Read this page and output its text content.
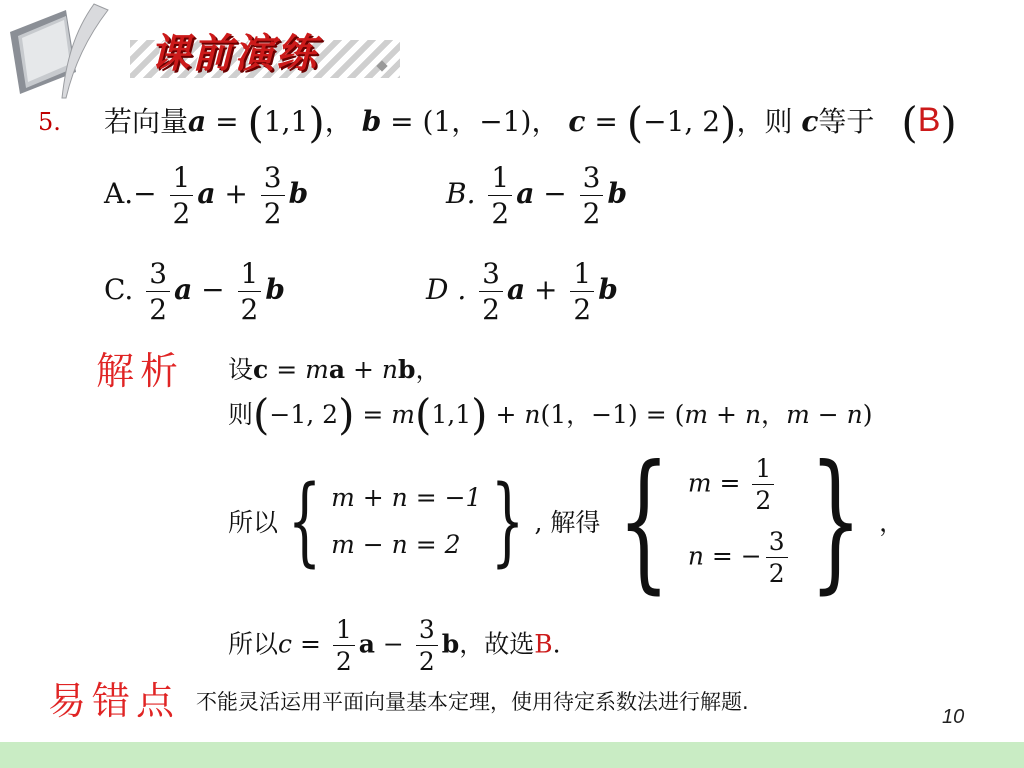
课前演练
5. 若向量a = (1,1)， b = (1，−1)， c = (−1, 2)，则 c等于 (B)
$A.- \frac{1}{2}$ $a + \frac{3}{2}$ b	B. $\frac{1}{2}$ $a - \frac{3}{2}$ b
C. $\frac{3}{2}$ $a - \frac{1}{2}$ b	D . $\frac{3}{2}$ $a + \frac{1}{2}$ b
解析 设c = ma + nb，
则(−1, 2) = m(1,1) + n(1，−1) = (m + n，m − n)
所以 { m + n = −1
m − n = 2 } , 解得 { $m = \frac{1}{2}$
n = − $\frac{3}{2}$ } ，
所以$c = \frac{1}{2}$ $a - \frac{3}{2}$ b，故选B.
易错点 不能灵活运用平面向量基本定理，使用待定系数法进行解题.
10
